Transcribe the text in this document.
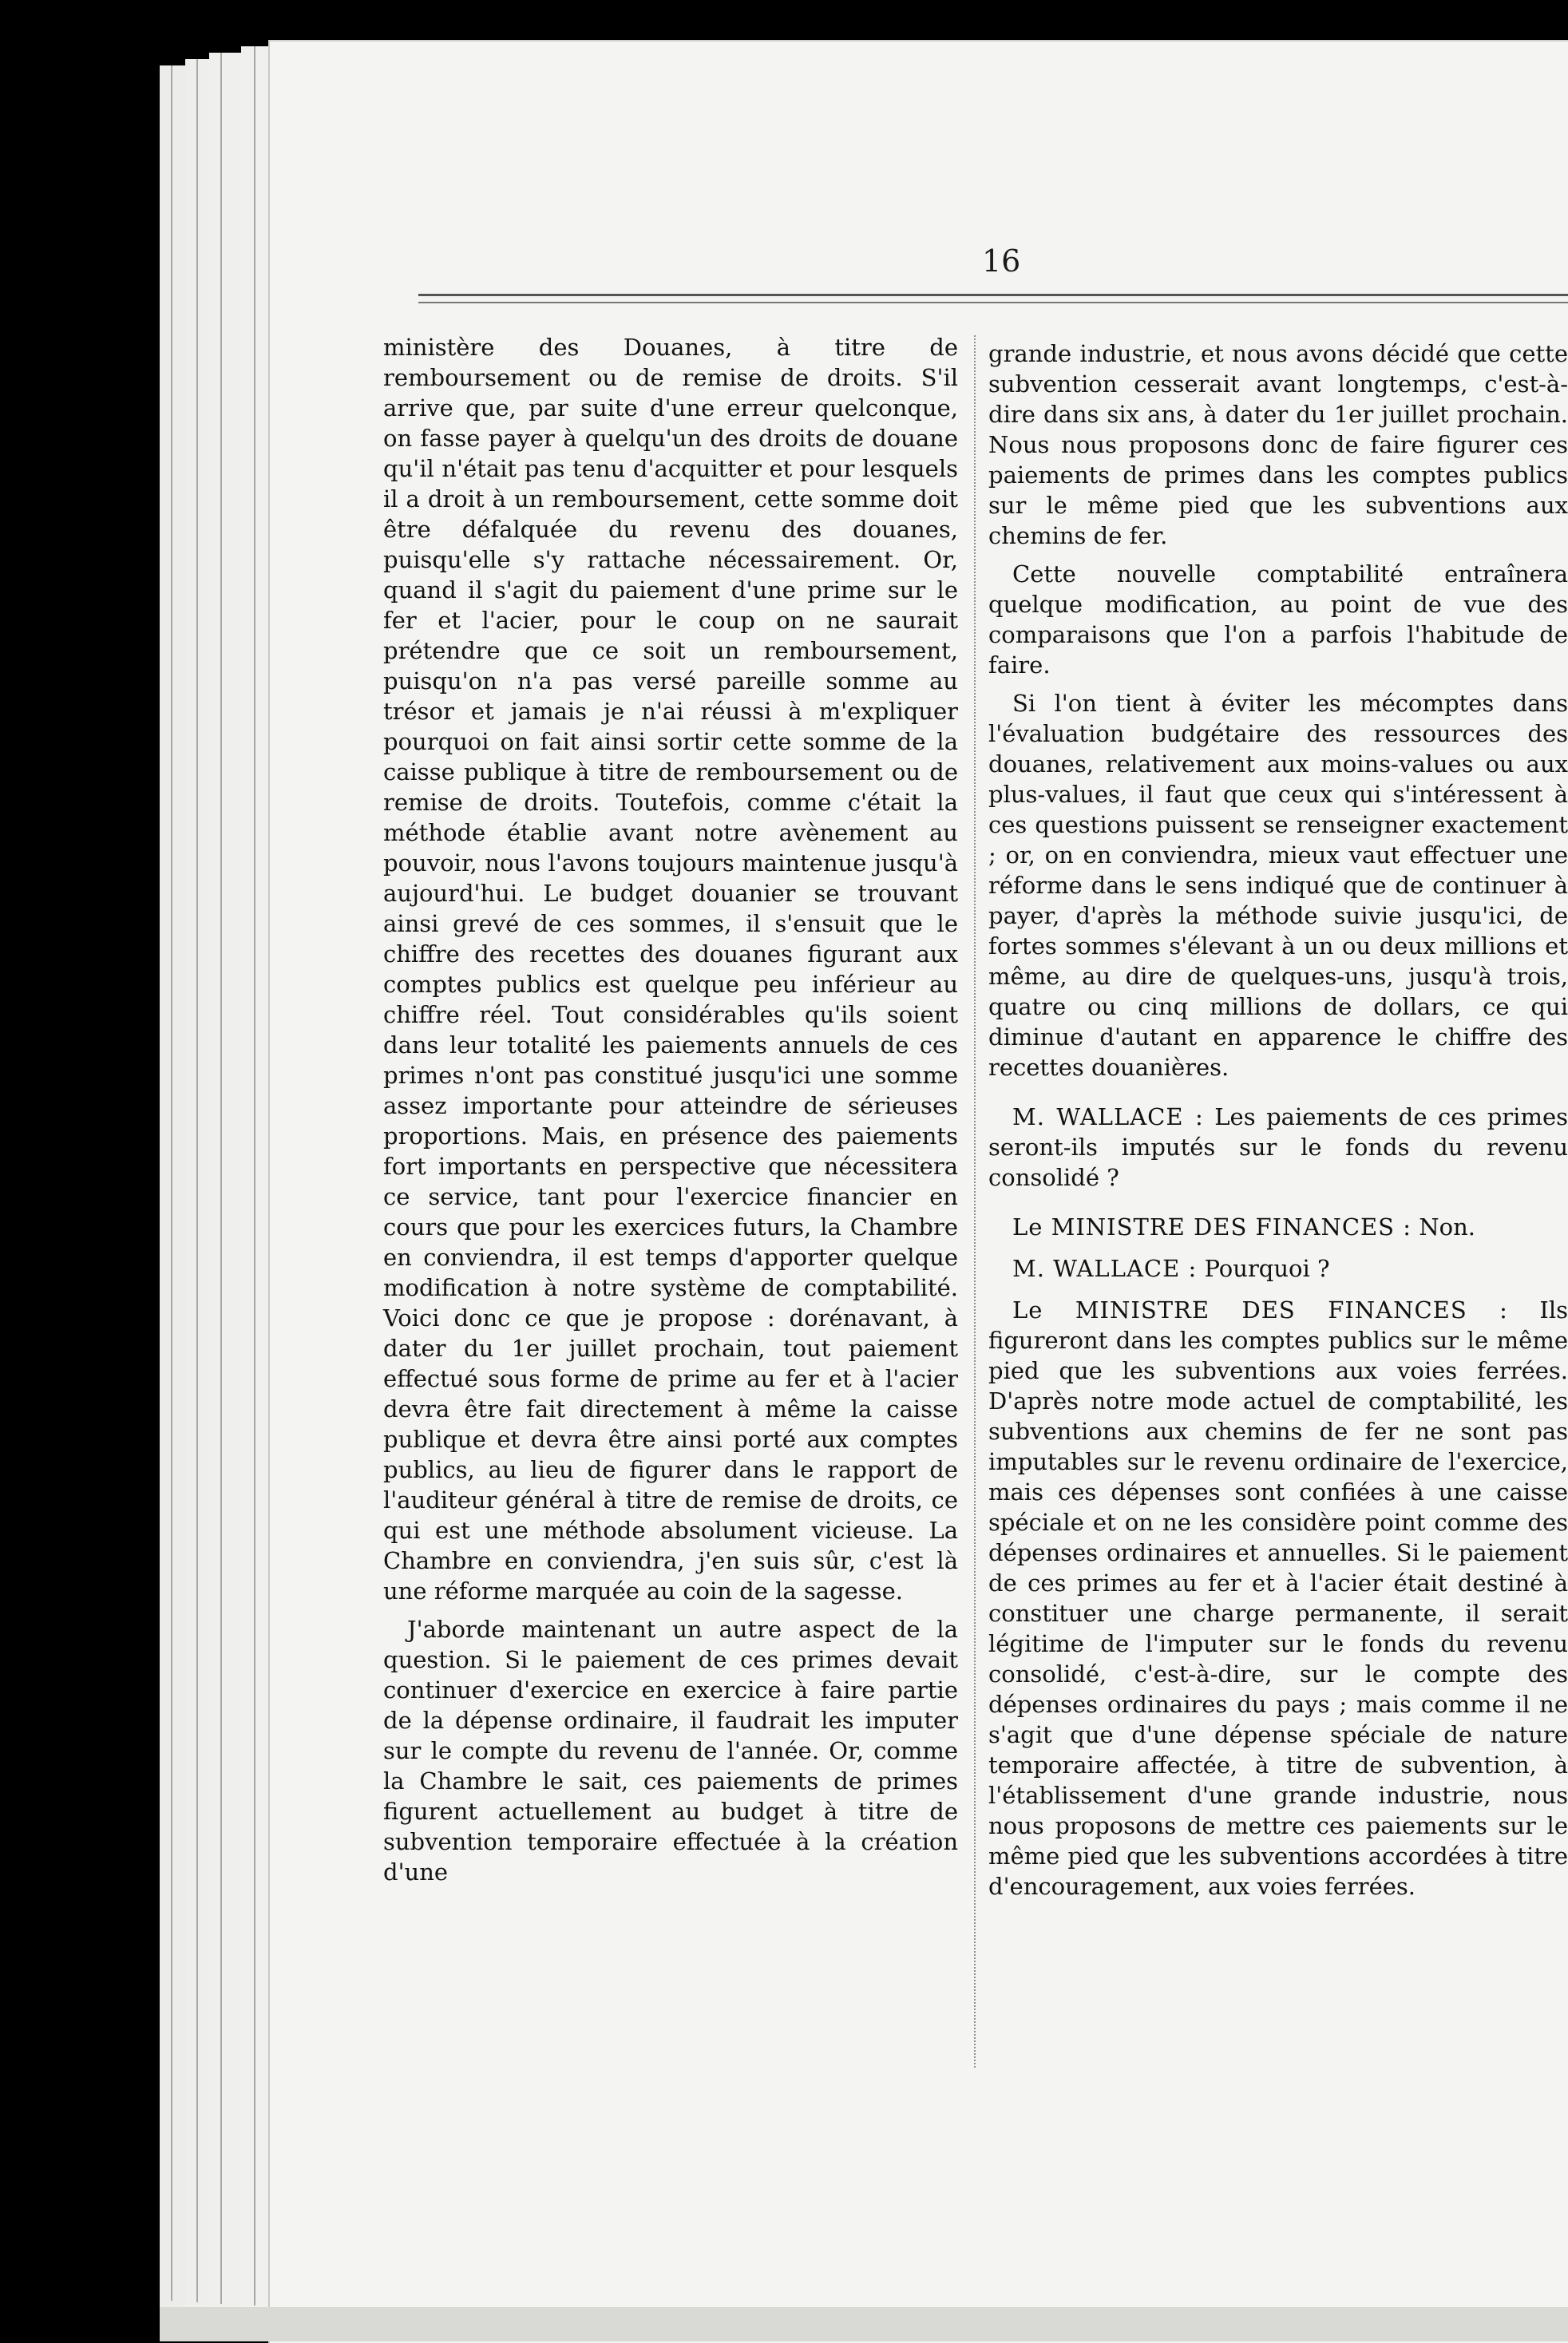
16

ministère des Douanes, à titre de remboursement ou de remise de droits. S'il arrive que, par suite d'une erreur quelconque, on fasse payer à quelqu'un des droits de douane qu'il n'était pas tenu d'acquitter et pour lesquels il a droit à un remboursement, cette somme doit être défalquée du revenu des douanes, puisqu'elle s'y rattache nécessairement. Or, quand il s'agit du paiement d'une prime sur le fer et l'acier, pour le coup on ne saurait prétendre que ce soit un remboursement, puisqu'on n'a pas versé pareille somme au trésor et jamais je n'ai réussi à m'expliquer pourquoi on fait ainsi sortir cette somme de la caisse publique à titre de remboursement ou de remise de droits. Toutefois, comme c'était la méthode établie avant notre avènement au pouvoir, nous l'avons toujours maintenue jusqu'à aujourd'hui. Le budget douanier se trouvant ainsi grevé de ces sommes, il s'ensuit que le chiffre des recettes des douanes figurant aux comptes publics est quelque peu inférieur au chiffre réel. Tout considérables qu'ils soient dans leur totalité les paiements annuels de ces primes n'ont pas constitué jusqu'ici une somme assez importante pour atteindre de sérieuses proportions. Mais, en présence des paiements fort importants en perspective que nécessitera ce service, tant pour l'exercice financier en cours que pour les exercices futurs, la Chambre en conviendra, il est temps d'apporter quelque modification à notre système de comptabilité. Voici donc ce que je propose : dorénavant, à dater du 1er juillet prochain, tout paiement effectué sous forme de prime au fer et à l'acier devra être fait directement à même la caisse publique et devra être ainsi porté aux comptes publics, au lieu de figurer dans le rapport de l'auditeur général à titre de remise de droits, ce qui est une méthode absolument vicieuse. La Chambre en conviendra, j'en suis sûr, c'est là une réforme marquée au coin de la sagesse.

J'aborde maintenant un autre aspect de la question. Si le paiement de ces primes devait continuer d'exercice en exercice à faire partie de la dépense ordinaire, il faudrait les imputer sur le compte du revenu de l'année. Or, comme la Chambre le sait, ces paiements de primes figurent actuellement au budget à titre de subvention temporaire effectuée à la création d'une

grande industrie, et nous avons décidé que cette subvention cesserait avant longtemps, c'est-à-dire dans six ans, à dater du 1er juillet prochain. Nous nous proposons donc de faire figurer ces paiements de primes dans les comptes publics sur le même pied que les subventions aux chemins de fer.

Cette nouvelle comptabilité entraînera quelque modification, au point de vue des comparaisons que l'on a parfois l'habitude de faire.

Si l'on tient à éviter les mécomptes dans l'évaluation budgétaire des ressources des douanes, relativement aux moins-values ou aux plus-values, il faut que ceux qui s'intéressent à ces questions puissent se renseigner exactement ; or, on en conviendra, mieux vaut effectuer une réforme dans le sens indiqué que de continuer à payer, d'après la méthode suivie jusqu'ici, de fortes sommes s'élevant à un ou deux millions et même, au dire de quelques-uns, jusqu'à trois, quatre ou cinq millions de dollars, ce qui diminue d'autant en apparence le chiffre des recettes douanières.

M. WALLACE : Les paiements de ces primes seront-ils imputés sur le fonds du revenu consolidé ?

Le MINISTRE DES FINANCES : Non.

M. WALLACE : Pourquoi ?

Le MINISTRE DES FINANCES : Ils figureront dans les comptes publics sur le même pied que les subventions aux voies ferrées. D'après notre mode actuel de comptabilité, les subventions aux chemins de fer ne sont pas imputables sur le revenu ordinaire de l'exercice, mais ces dépenses sont confiées à une caisse spéciale et on ne les considère point comme des dépenses ordinaires et annuelles. Si le paiement de ces primes au fer et à l'acier était destiné à constituer une charge permanente, il serait légitime de l'imputer sur le fonds du revenu consolidé, c'est-à-dire, sur le compte des dépenses ordinaires du pays ; mais comme il ne s'agit que d'une dépense spéciale de nature temporaire affectée, à titre de subvention, à l'établissement d'une grande industrie, nous nous proposons de mettre ces paiements sur le même pied que les subventions accordées à titre d'encouragement, aux voies ferrées.
